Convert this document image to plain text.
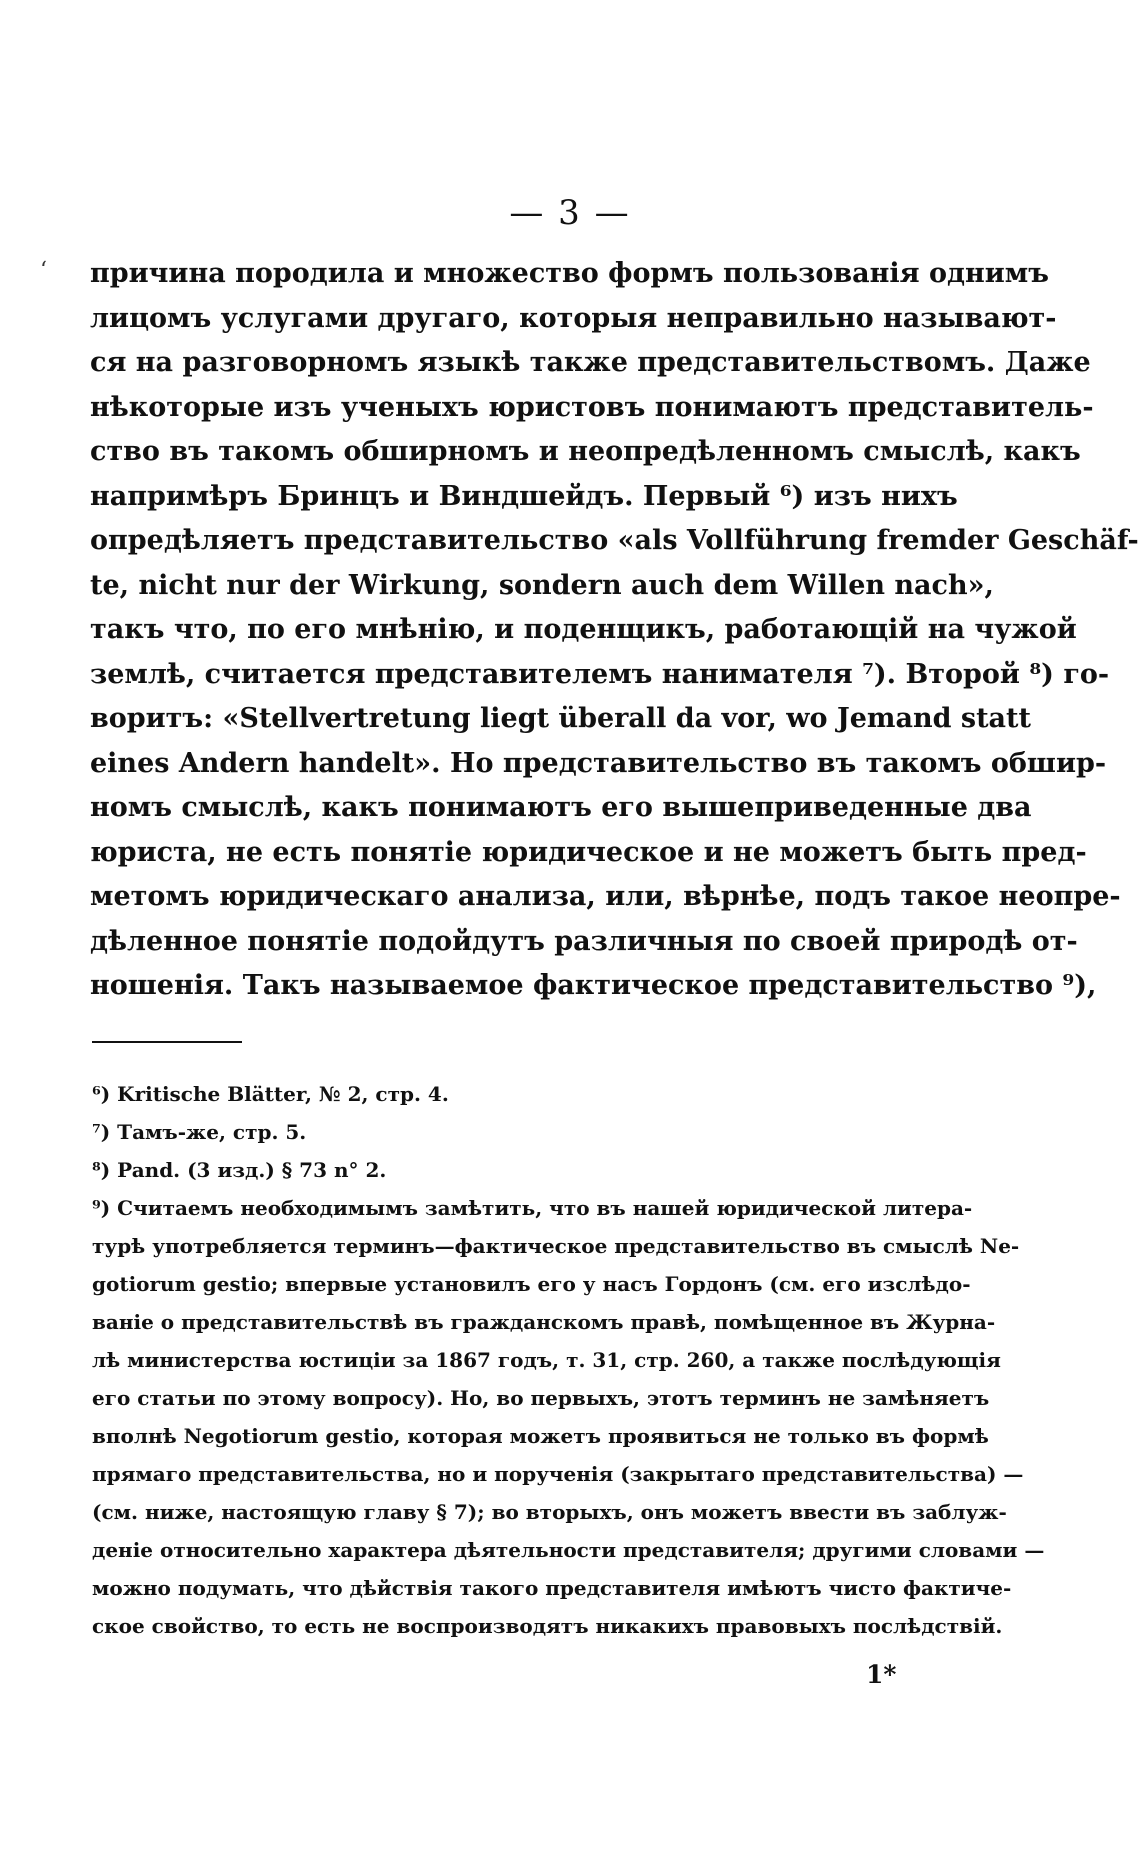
‘
— 3 —
причина породила и множество формъ пользованія однимъ
лицомъ услугами другаго, которыя неправильно называют-
ся на разговорномъ языкѣ также представительствомъ. Даже
нѣкоторые изъ ученыхъ юристовъ понимаютъ представитель-
ство въ такомъ обширномъ и неопредѣленномъ смыслѣ, какъ
напримѣръ Бринцъ и Виндшейдъ. Первый ⁶) изъ нихъ
опредѣляетъ представительство «als Vollführung fremder Geschäf-
te, nicht nur der Wirkung, sondern auch dem Willen nach»,
такъ что, по его мнѣнію, и поденщикъ, работающій на чужой
землѣ, считается представителемъ нанимателя ⁷). Второй ⁸) го-
воритъ: «Stellvertretung liegt überall da vor, wo Jemand statt
eines Andern handelt». Но представительство въ такомъ обшир-
номъ смыслѣ, какъ понимаютъ его вышеприведенные два
юриста, не есть понятіе юридическое и не можетъ быть пред-
метомъ юридическаго анализа, или, вѣрнѣе, подъ такое неопре-
дѣленное понятіе подойдутъ различныя по своей природѣ от-
ношенія. Такъ называемое фактическое представительство ⁹),
⁶) Kritische Blätter, № 2, стр. 4.
⁷) Тамъ-же, стр. 5.
⁸) Pand. (3 изд.) § 73 n° 2.
⁹) Считаемъ необходимымъ замѣтить, что въ нашей юридической литера-
турѣ употребляется терминъ—фактическое представительство въ смыслѣ Ne-
gotiorum gestio; впервые установилъ его у насъ Гордонъ (см. его изслѣдо-
ваніе о представительствѣ въ гражданскомъ правѣ, помѣщенное въ Журна-
лѣ министерства юстиціи за 1867 годъ, т. 31, стр. 260, а также послѣдующія
его статьи по этому вопросу). Но, во первыхъ, этотъ терминъ не замѣняетъ
вполнѣ Negotiorum gestio, которая можетъ проявиться не только въ формѣ
прямаго представительства, но и порученія (закрытаго представительства) —
(см. ниже, настоящую главу § 7); во вторыхъ, онъ можетъ ввести въ заблуж-
деніе относительно характера дѣятельности представителя; другими словами —
можно подумать, что дѣйствія такого представителя имѣютъ чисто фактиче-
ское свойство, то есть не воспроизводятъ никакихъ правовыхъ послѣдствій.
1*
